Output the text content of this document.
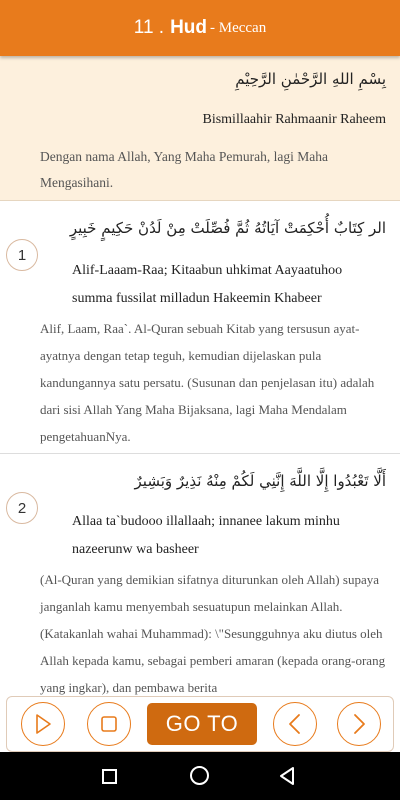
11 . Hud - Meccan
بِسْمِ اللهِ الرَّحْمٰنِ الرَّحِيْمِ
Bismillaahir Rahmaanir Raheem
Dengan nama Allah, Yang Maha Pemurah, lagi Maha Mengasihani.
1
الر كِتَابٌ أُحْكِمَتْ آيَاتُهُ ثُمَّ فُصِّلَتْ مِنْ لَدُنْ حَكِيمٍ خَبِيرٍ
Alif-Laaam-Raa; Kitaabun uhkimat Aayaatuhoo summa fussilat milladun Hakeemin Khabeer
Alif, Laam, Raa`. Al-Quran sebuah Kitab yang tersusun ayat-ayatnya dengan tetap teguh, kemudian dijelaskan pula kandungannya satu persatu. (Susunan dan penjelasan itu) adalah dari sisi Allah Yang Maha Bijaksana, lagi Maha Mendalam pengetahuanNya.
2
أَلَّا تَعْبُدُوا إِلَّا اللَّهَ إِنَّنِي لَكُمْ مِنْهُ نَذِيرٌ وَبَشِيرٌ
Allaa ta`budooo illallaah; innanee lakum minhu nazeerunw wa basheer
(Al-Quran yang demikian sifatnya diturunkan oleh Allah) supaya janganlah kamu menyembah sesuatupun melainkan Allah. (Katakanlah wahai Muhammad): \"Sesungguhnya aku diutus oleh Allah kepada kamu, sebagai pemberi amaran (kepada orang-orang yang ingkar), dan pembawa berita
GO TO
